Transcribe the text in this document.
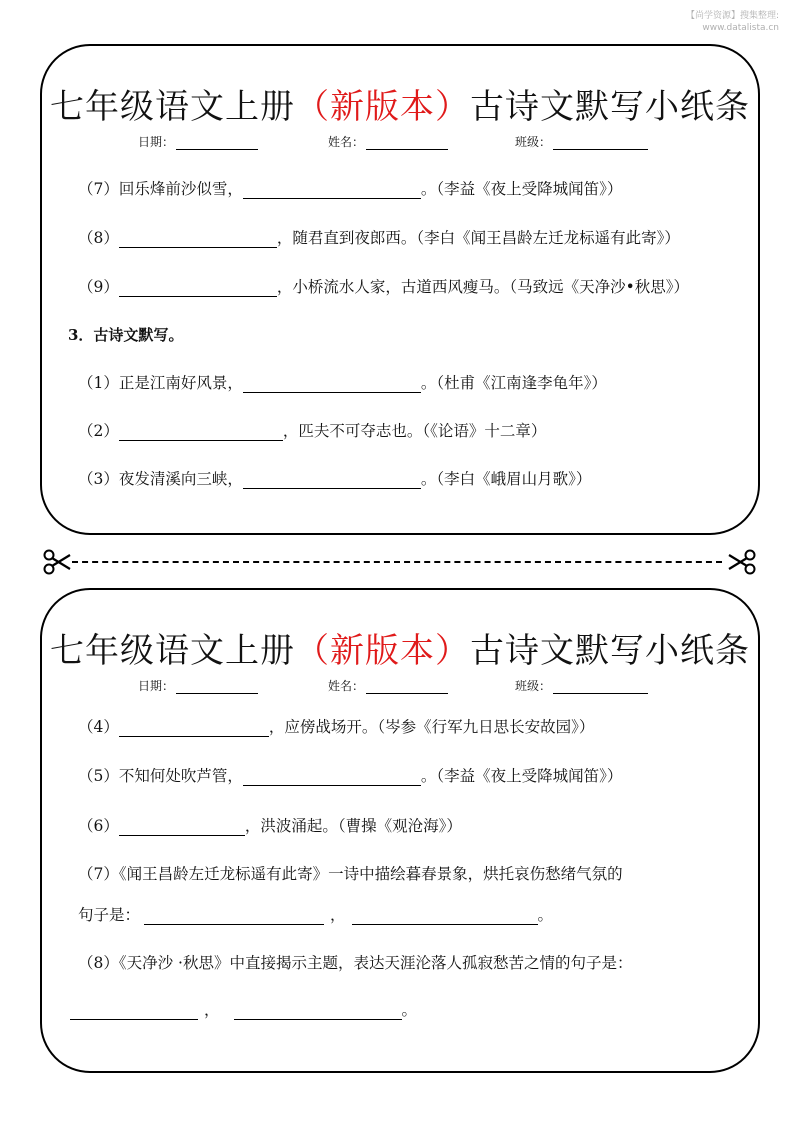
【尚学资源】搜集整理:
www.datalista.cn
七年级语文上册（新版本）古诗文默写小纸条
日期：	姓名：	班级：
（7）回乐烽前沙似雪，	。（李益《夜上受降城闻笛》）
（8）	，随君直到夜郎西。（李白《闻王昌龄左迁龙标遥有此寄》）
（9）	，小桥流水人家，古道西风瘦马。（马致远《天净沙•秋思》）
3．古诗文默写。
（1）正是江南好风景，	。（杜甫《江南逢李龟年》）
（2）	，匹夫不可夺志也。（《论语》十二章）
（3）夜发清溪向三峡，	。（李白《峨眉山月歌》）
七年级语文上册（新版本）古诗文默写小纸条
日期：	姓名：	班级：
（4）	，应傍战场开。（岑参《行军九日思长安故园》）
（5）不知何处吹芦管，	。（李益《夜上受降城闻笛》）
（6）	，洪波涌起。（曹操《观沧海》）
（7）《闻王昌龄左迁龙标遥有此寄》一诗中描绘暮春景象，烘托哀伤愁绪气氛的
句子是：	，	。
（8）《天净沙 ·秋思》中直接揭示主题，表达天涯沦落人孤寂愁苦之情的句子是：
，	。
